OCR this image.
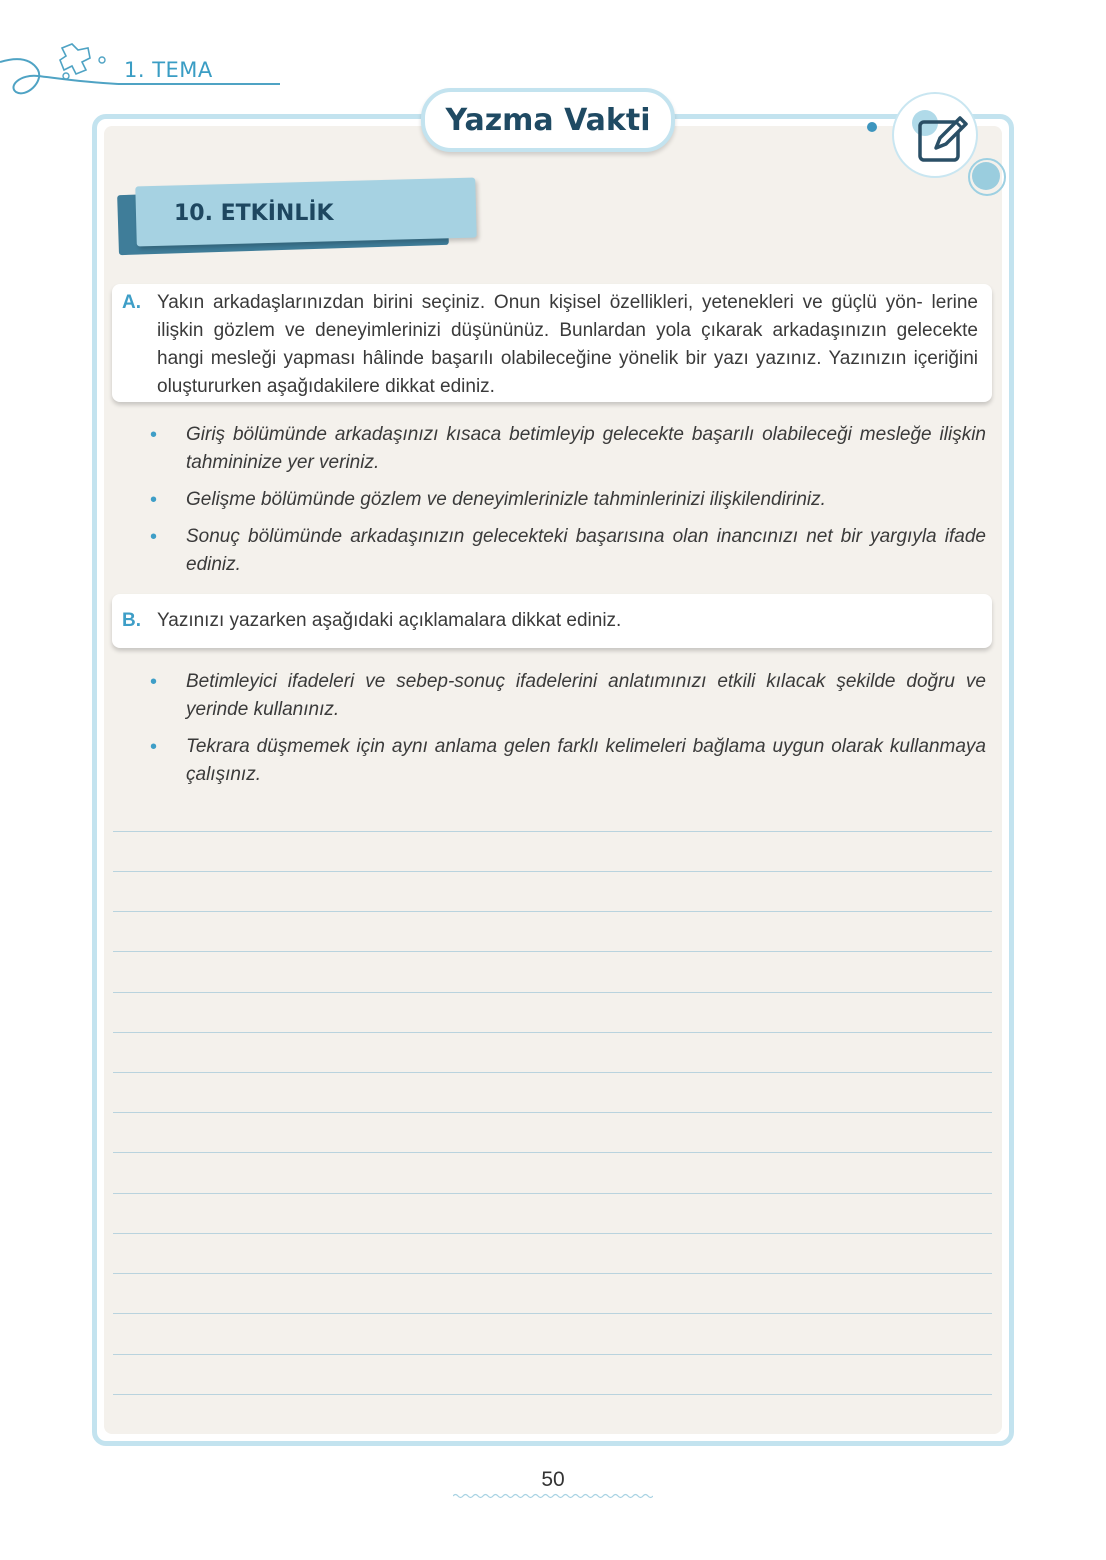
1. TEMA
Yazma Vakti
10. ETKİNLİK
A. Yakın arkadaşlarınızdan birini seçiniz. Onun kişisel özellikleri, yetenekleri ve güçlü yön- lerine ilişkin gözlem ve deneyimlerinizi düşününüz. Bunlardan yola çıkarak arkadaşınızın gelecekte hangi mesleği yapması hâlinde başarılı olabileceğine yönelik bir yazı yazınız. Yazınızın içeriğini oluştururken aşağıdakilere dikkat ediniz.
• Giriş bölümünde arkadaşınızı kısaca betimleyip gelecekte başarılı olabileceği mesleğe ilişkin tahmininize yer veriniz.
• Gelişme bölümünde gözlem ve deneyimlerinizle tahminlerinizi ilişkilendiriniz.
• Sonuç bölümünde arkadaşınızın gelecekteki başarısına olan inancınızı net bir yargıyla ifade ediniz.
B. Yazınızı yazarken aşağıdaki açıklamalara dikkat ediniz.
• Betimleyici ifadeleri ve sebep-sonuç ifadelerini anlatımınızı etkili kılacak şekilde doğru ve yerinde kullanınız.
• Tekrara düşmemek için aynı anlama gelen farklı kelimeleri bağlama uygun olarak kullanmaya çalışınız.
50
